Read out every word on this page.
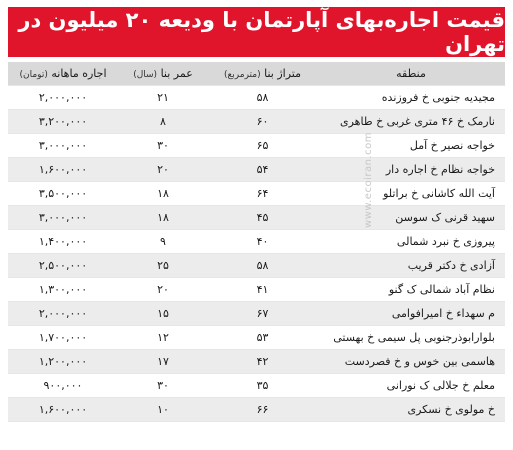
قیمت اجاره‌بهای آپارتمان با ودیعه ۲۰ میلیون در تهران
منطقه	متراژ بنا (مترمربع)	عمر بنا (سال)	اجاره ماهانه (تومان)
مجیدیه جنوبی خ فروزنده	۵۸	۲۱	۲,۰۰۰,۰۰۰
نارمک خ ۴۶ متری غربی خ طاهری	۶۰	۸	۳,۲۰۰,۰۰۰
خواجه نصیر خ آمل	۶۵	۳۰	۳,۰۰۰,۰۰۰
خواجه نظام خ اجاره دار	۵۴	۲۰	۱,۶۰۰,۰۰۰
آیت الله کاشانی خ براتلو	۶۴	۱۸	۳,۵۰۰,۰۰۰
سهید قرنی ک سوسن	۴۵	۱۸	۳,۰۰۰,۰۰۰
پیروزی خ نبرد شمالی	۴۰	۹	۱,۴۰۰,۰۰۰
آزادی خ دکتر قریب	۵۸	۲۵	۲,۵۰۰,۰۰۰
نظام آباد شمالی ک گنو	۴۱	۲۰	۱,۳۰۰,۰۰۰
م سهداء خ امیرافوامی	۶۷	۱۵	۲,۰۰۰,۰۰۰
بلوارابوذرجنوبی پل سیمی خ بهستی	۵۳	۱۲	۱,۷۰۰,۰۰۰
هاسمی بین خوس و خ فصردست	۴۲	۱۷	۱,۲۰۰,۰۰۰
معلم خ جلالی ک نورانی	۳۵	۳۰	۹۰۰,۰۰۰
خ مولوی خ نسکری	۶۶	۱۰	۱,۶۰۰,۰۰۰
www.ecoiran.com
